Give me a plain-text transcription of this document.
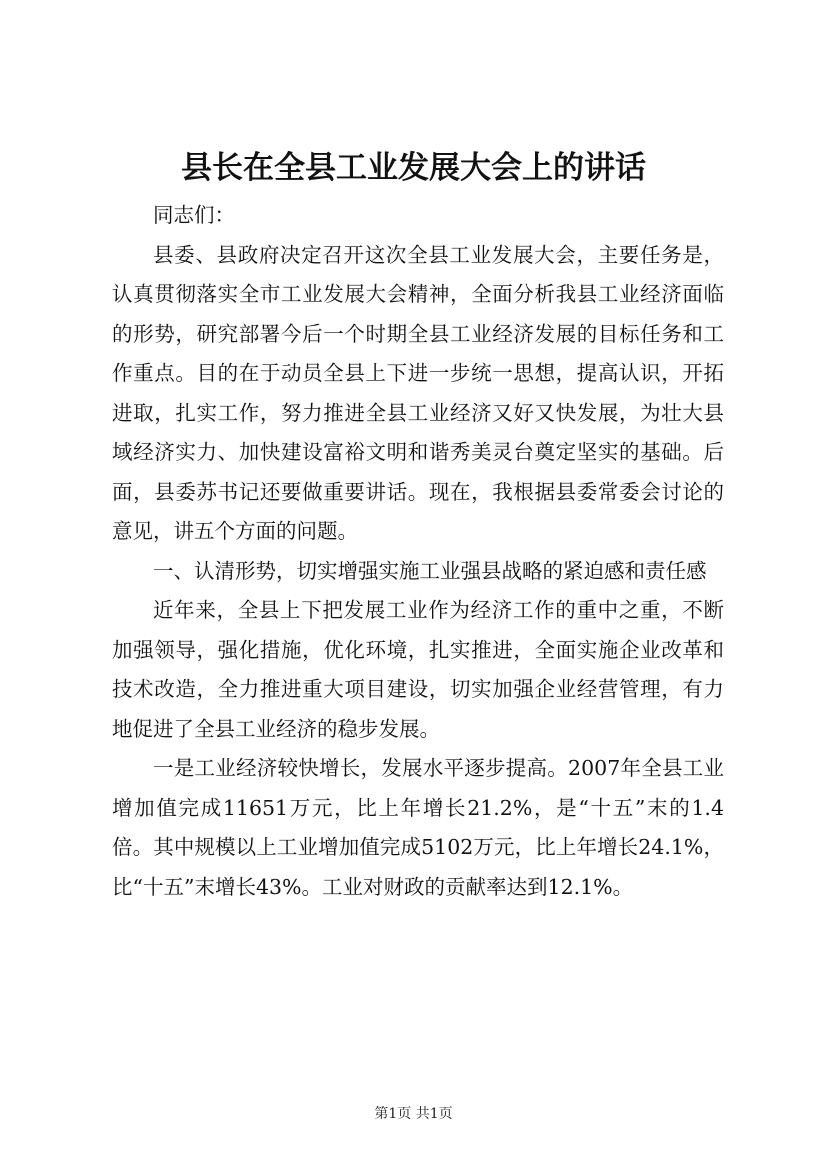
县长在全县工业发展大会上的讲话

同志们：

县委、县政府决定召开这次全县工业发展大会，主要任务是，认真贯彻落实全市工业发展大会精神，全面分析我县工业经济面临的形势，研究部署今后一个时期全县工业经济发展的目标任务和工作重点。目的在于动员全县上下进一步统一思想，提高认识，开拓进取，扎实工作，努力推进全县工业经济又好又快发展，为壮大县域经济实力、加快建设富裕文明和谐秀美灵台奠定坚实的基础。后面，县委苏书记还要做重要讲话。现在，我根据县委常委会讨论的意见，讲五个方面的问题。

一、认清形势，切实增强实施工业强县战略的紧迫感和责任感

近年来，全县上下把发展工业作为经济工作的重中之重，不断加强领导，强化措施，优化环境，扎实推进，全面实施企业改革和技术改造，全力推进重大项目建设，切实加强企业经营管理，有力地促进了全县工业经济的稳步发展。

一是工业经济较快增长，发展水平逐步提高。2007年全县工业增加值完成11651万元，比上年增长21.2%，是“十五”末的1.4倍。其中规模以上工业增加值完成5102万元，比上年增长24.1%，比“十五”末增长43%。工业对财政的贡献率达到12.1%。

第1页 共1页
